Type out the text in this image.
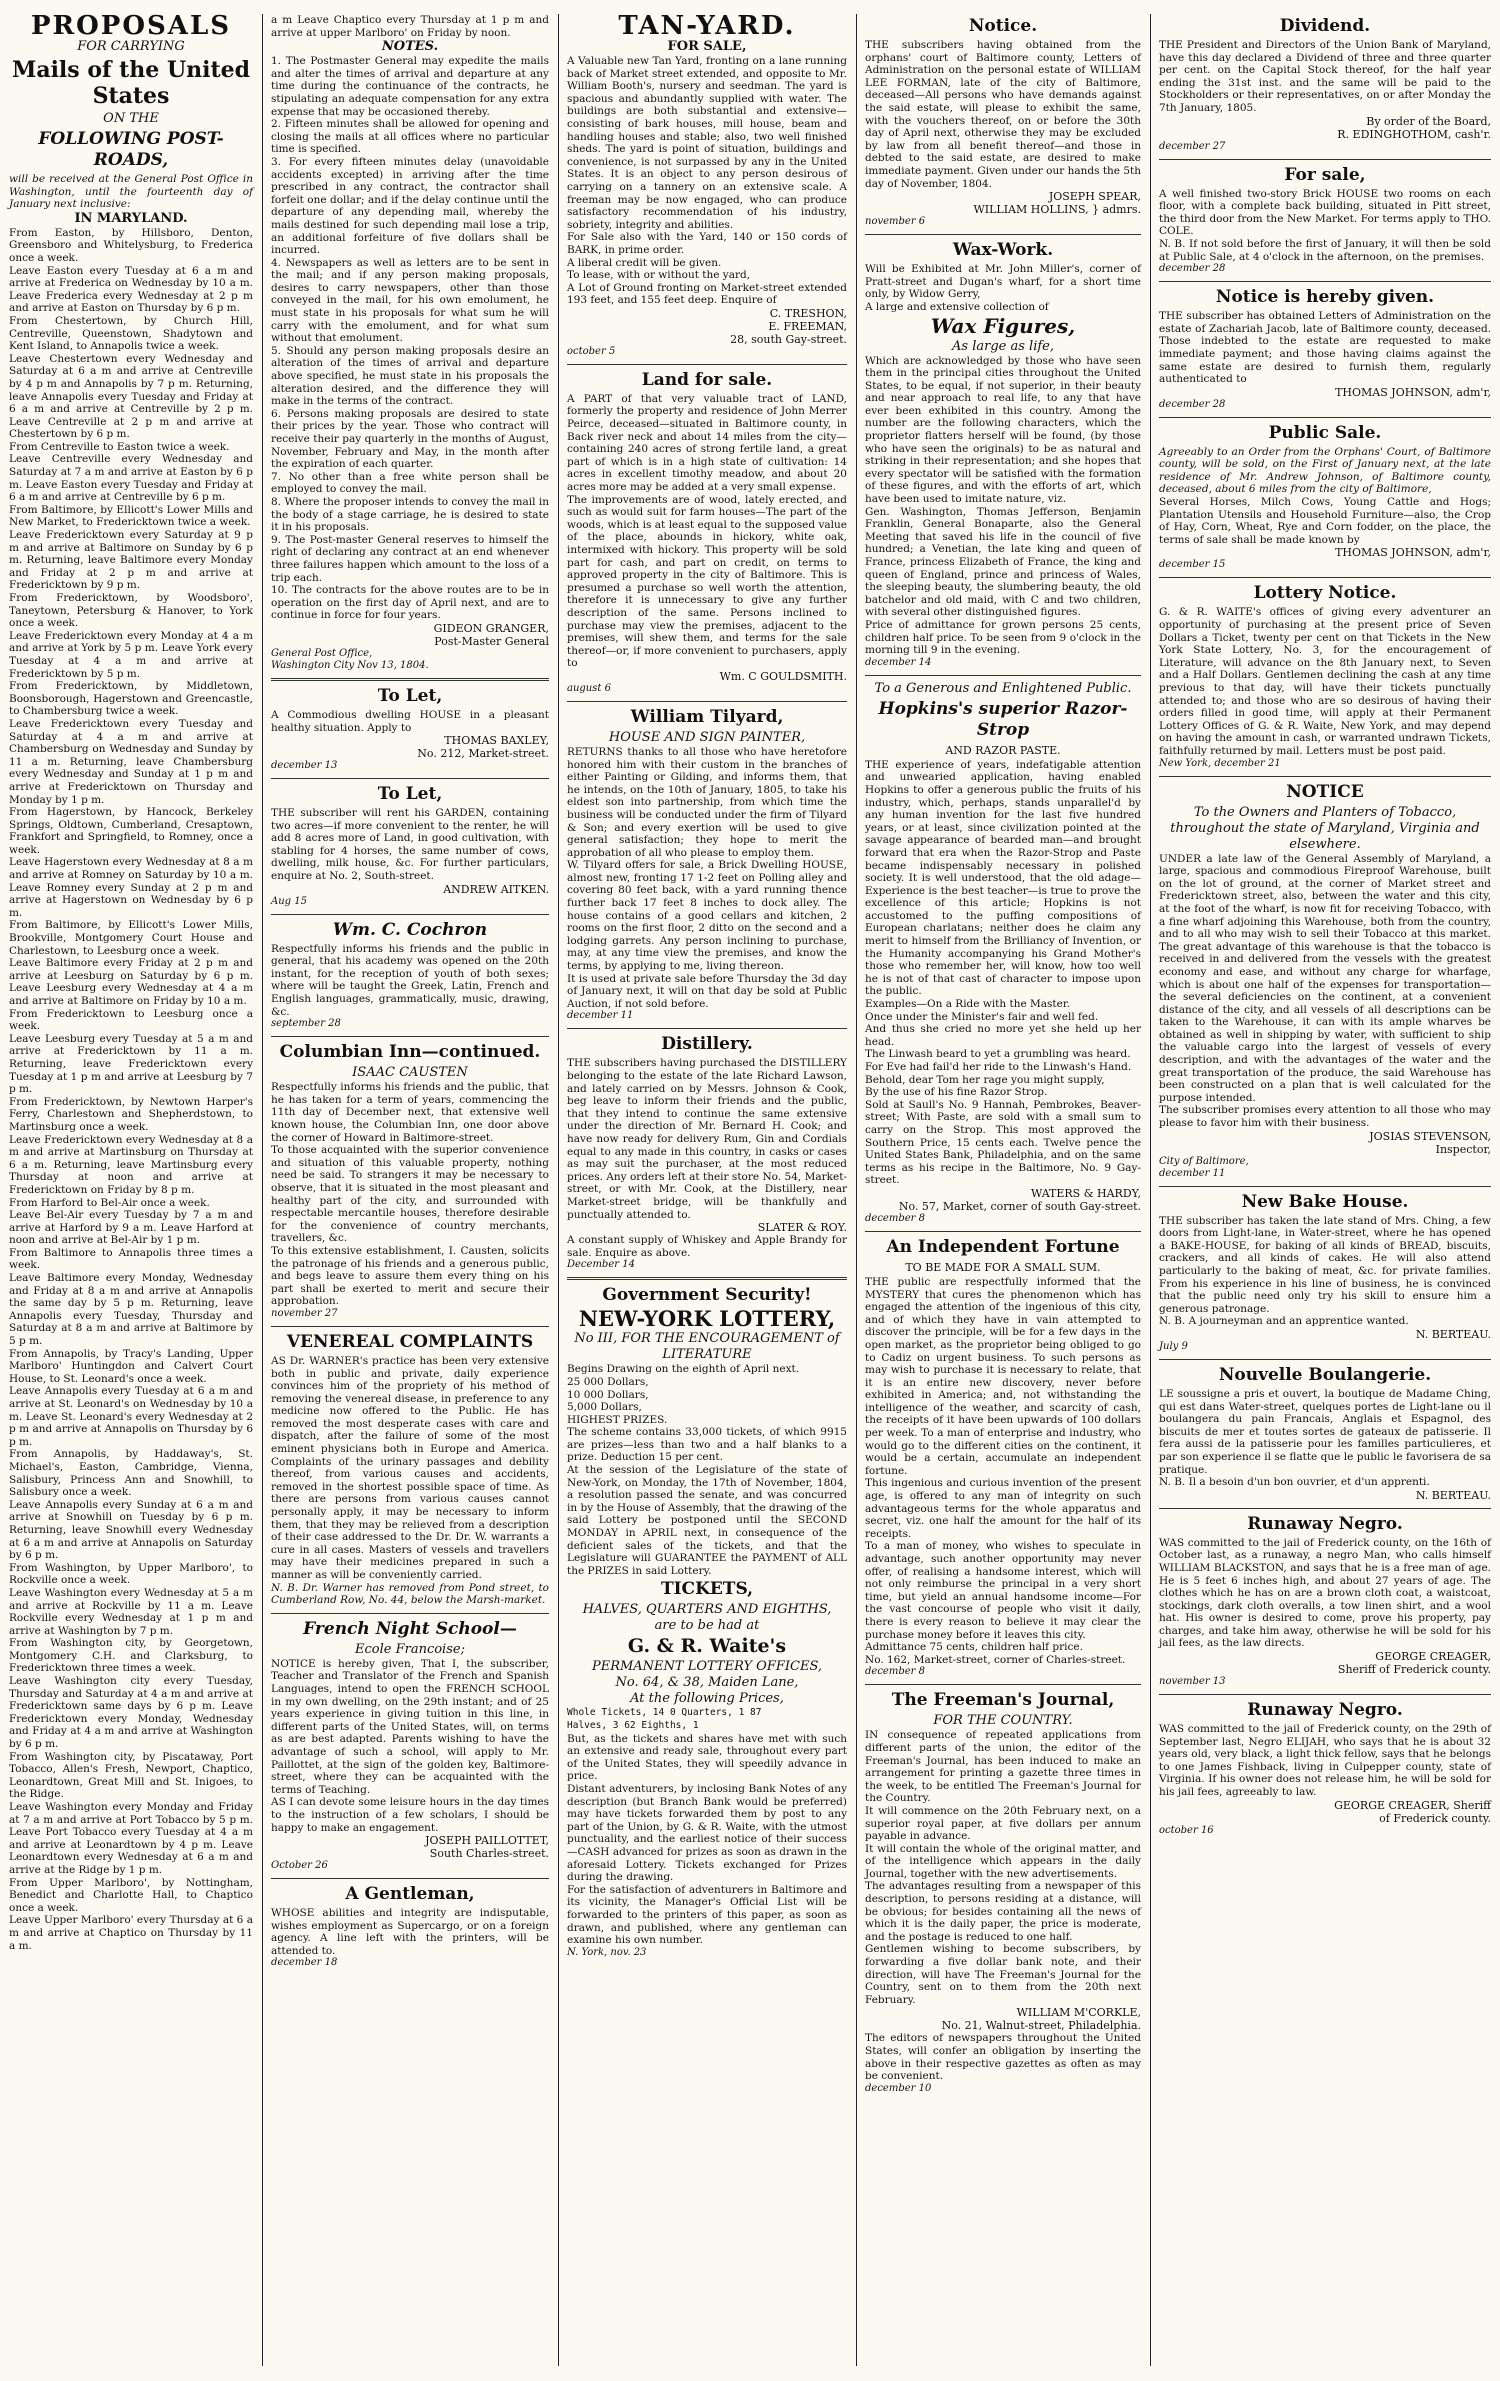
PROPOSALS
FOR CARRYING
Mails of the United States
ON THE
FOLLOWING POST-ROADS,

will be received at the General Post Office in Washington, until the fourteenth day of January next inclusive:

IN MARYLAND.

From Easton, by Hillsboro, Denton, Greensboro and Whitelysburg, to Frederica once a week.
Leave Easton every Tuesday at 6 a m and arrive at Frederica on Wednesday by 10 a m. Leave Frederica every Wednesday at 2 p m and arrive at Easton on Thursday by 6 p m.
From Chestertown, by Church Hill, Centreville, Queenstown, Shadytown and Kent Island, to Annapolis twice a week.
Leave Chestertown every Wednesday and Saturday at 6 a m and arrive at Centreville by 4 p m and Annapolis by 7 p m. Returning, leave Annapolis every Tuesday and Friday at 6 a m and arrive at Centreville by 2 p m. Leave Centreville at 2 p m and arrive at Chestertown by 6 p m.
From Centreville to Easton twice a week.
Leave Centreville every Wednesday and Saturday at 7 a m and arrive at Easton by 6 p m. Leave Easton every Tuesday and Friday at 6 a m and arrive at Centreville by 6 p m.
From Baltimore, by Ellicott's Lower Mills and New Market, to Fredericktown twice a week.
Leave Fredericktown every Saturday at 9 p m and arrive at Baltimore on Sunday by 6 p m. Returning, leave Baltimore every Monday and Friday at 2 p m and arrive at Fredericktown by 9 p m.
From Fredericktown, by Woodsboro', Taneytown, Petersburg & Hanover, to York once a week.
Leave Fredericktown every Monday at 4 a m and arrive at York by 5 p m. Leave York every Tuesday at 4 a m and arrive at Fredericktown by 5 p m.
From Fredericktown, by Middletown, Boonsborough, Hagerstown and Greencastle, to Chambersburg twice a week.
Leave Fredericktown every Tuesday and Saturday at 4 a m and arrive at Chambersburg on Wednesday and Sunday by 11 a m. Returning, leave Chambersburg every Wednesday and Sunday at 1 p m and arrive at Fredericktown on Thursday and Monday by 1 p m.
From Hagerstown, by Hancock, Berkeley Springs, Oldtown, Cumberland, Cresaptown, Frankfort and Springfield, to Romney, once a week.
Leave Hagerstown every Wednesday at 8 a m and arrive at Romney on Saturday by 10 a m. Leave Romney every Sunday at 2 p m and arrive at Hagerstown on Wednesday by 6 p m.
From Baltimore, by Ellicott's Lower Mills, Brookville, Montgomery Court House and Charlestown, to Leesburg once a week.
Leave Baltimore every Friday at 2 p m and arrive at Leesburg on Saturday by 6 p m. Leave Leesburg every Wednesday at 4 a m and arrive at Baltimore on Friday by 10 a m.
From Fredericktown to Leesburg once a week.
Leave Leesburg every Tuesday at 5 a m and arrive at Fredericktown by 11 a m. Returning, leave Fredericktown every Tuesday at 1 p m and arrive at Leesburg by 7 p m.
From Fredericktown, by Newtown Harper's Ferry, Charlestown and Shepherdstown, to Martinsburg once a week.
Leave Fredericktown every Wednesday at 8 a m and arrive at Martinsburg on Thursday at 6 a m. Returning, leave Martinsburg every Thursday at noon and arrive at Fredericktown on Friday by 8 p m.
From Harford to Bel-Air once a week.
Leave Bel-Air every Tuesday by 7 a m and arrive at Harford by 9 a m. Leave Harford at noon and arrive at Bel-Air by 1 p m.
From Baltimore to Annapolis three times a week.
Leave Baltimore every Monday, Wednesday and Friday at 8 a m and arrive at Annapolis the same day by 5 p m. Returning, leave Annapolis every Tuesday, Thursday and Saturday at 8 a m and arrive at Baltimore by 5 p m.
From Annapolis, by Tracy's Landing, Upper Marlboro' Huntingdon and Calvert Court House, to St. Leonard's once a week.
Leave Annapolis every Tuesday at 6 a m and arrive at St. Leonard's on Wednesday by 10 a m. Leave St. Leonard's every Wednesday at 2 p m and arrive at Annapolis on Thursday by 6 p m.
From Annapolis, by Haddaway's, St. Michael's, Easton, Cambridge, Vienna, Salisbury, Princess Ann and Snowhill, to Salisbury once a week.
Leave Annapolis every Sunday at 6 a m and arrive at Snowhill on Tuesday by 6 p m. Returning, leave Snowhill every Wednesday at 6 a m and arrive at Annapolis on Saturday by 6 p m.
From Washington, by Upper Marlboro', to Rockville once a week.
Leave Washington every Wednesday at 5 a m and arrive at Rockville by 11 a m. Leave Rockville every Wednesday at 1 p m and arrive at Washington by 7 p m.
From Washington city, by Georgetown, Montgomery C.H. and Clarksburg, to Fredericktown three times a week.
Leave Washington city every Tuesday, Thursday and Saturday at 4 a m and arrive at Fredericktown same days by 6 p m. Leave Fredericktown every Monday, Wednesday and Friday at 4 a m and arrive at Washington by 6 p m.
From Washington city, by Piscataway, Port Tobacco, Allen's Fresh, Newport, Chaptico, Leonardtown, Great Mill and St. Inigoes, to the Ridge.
Leave Washington every Monday and Friday at 7 a m and arrive at Port Tobacco by 5 p m. Leave Port Tobacco every Tuesday at 4 a m and arrive at Leonardtown by 4 p m. Leave Leonardtown every Wednesday at 6 a m and arrive at the Ridge by 1 p m.
From Upper Marlboro', by Nottingham, Benedict and Charlotte Hall, to Chaptico once a week.
Leave Upper Marlboro' every Thursday at 6 a m and arrive at Chaptico on Thursday by 11 a m.

a m Leave Chaptico every Thursday at 1 p m and arrive at upper Marlboro' on Friday by noon.

NOTES.

1. The Postmaster General may expedite the mails and alter the times of arrival and departure at any time during the continuance of the contracts, he stipulating an adequate compensation for any extra expense that may be occasioned thereby.
2. Fifteen minutes shall be allowed for opening and closing the mails at all offices where no particular time is specified.
3. For every fifteen minutes delay (unavoidable accidents excepted) in arriving after the time prescribed in any contract, the contractor shall forfeit one dollar; and if the delay continue until the departure of any depending mail, whereby the mails destined for such depending mail lose a trip, an additional forfeiture of five dollars shall be incurred.
4. Newspapers as well as letters are to be sent in the mail; and if any person making proposals, desires to carry newspapers, other than those conveyed in the mail, for his own emolument, he must state in his proposals for what sum he will carry with the emolument, and for what sum without that emolument.
5. Should any person making proposals desire an alteration of the times of arrival and departure above specified, he must state in his proposals the alteration desired, and the difference they will make in the terms of the contract.
6. Persons making proposals are desired to state their prices by the year. Those who contract will receive their pay quarterly in the months of August, November, February and May, in the month after the expiration of each quarter.
7. No other than a free white person shall be employed to convey the mail.
8. Where the proposer intends to convey the mail in the body of a stage carriage, he is desired to state it in his proposals.
9. The Post-master General reserves to himself the right of declaring any contract at an end whenever three failures happen which amount to the loss of a trip each.
10. The contracts for the above routes are to be in operation on the first day of April next, and are to continue in force for four years.

GIDEON GRANGER,
Post-Master General

General Post Office,
Washington City Nov 13, 1804.

To Let,

A Commodious dwelling HOUSE in a pleasant healthy situation. Apply to

THOMAS BAXLEY,
No. 212, Market-street.

december 13
To Let,

THE subscriber will rent his GARDEN, containing two acres—if more convenient to the renter, he will add 8 acres more of Land, in good cultivation, with stabling for 4 horses, the same number of cows, dwelling, milk house, &c. For further particulars, enquire at No. 2, South-street.

ANDREW AITKEN.

Aug 15
Wm. C. Cochron

Respectfully informs his friends and the public in general, that his academy was opened on the 20th instant, for the reception of youth of both sexes; where will be taught the Greek, Latin, French and English languages, grammatically, music, drawing, &c.

september 28
Columbian Inn—continued.
ISAAC CAUSTEN

Respectfully informs his friends and the public, that he has taken for a term of years, commencing the 11th day of December next, that extensive well known house, the Columbian Inn, one door above the corner of Howard in Baltimore-street.
To those acquainted with the superior convenience and situation of this valuable property, nothing need be said. To strangers it may be necessary to observe, that it is situated in the most pleasant and healthy part of the city, and surrounded with respectable mercantile houses, therefore desirable for the convenience of country merchants, travellers, &c.
To this extensive establishment, I. Causten, solicits the patronage of his friends and a generous public, and begs leave to assure them every thing on his part shall be exerted to merit and secure their approbation.

november 27
VENEREAL COMPLAINTS

AS Dr. WARNER's practice has been very extensive both in public and private, daily experience convinces him of the propriety of his method of removing the venereal disease, in preference to any medicine now offered to the Public. He has removed the most desperate cases with care and dispatch, after the failure of some of the most eminent physicians both in Europe and America. Complaints of the urinary passages and debility thereof, from various causes and accidents, removed in the shortest possible space of time. As there are persons from various causes cannot personally apply, it may be necessary to inform them, that they may be relieved from a description of their case addressed to the Dr. Dr. W. warrants a cure in all cases. Masters of vessels and travellers may have their medicines prepared in such a manner as will be conveniently carried.

N. B. Dr. Warner has removed from Pond street, to Cumberland Row, No. 44, below the Marsh-market.

French Night School—
Ecole Francoise;

NOTICE is hereby given, That I, the subscriber, Teacher and Translator of the French and Spanish Languages, intend to open the FRENCH SCHOOL in my own dwelling, on the 29th instant; and of 25 years experience in giving tuition in this line, in different parts of the United States, will, on terms as are best adapted. Parents wishing to have the advantage of such a school, will apply to Mr. Paillottet, at the sign of the golden key, Baltimore-street, where they can be acquainted with the terms of Teaching.
AS I can devote some leisure hours in the day times to the instruction of a few scholars, I should be happy to make an engagement.

JOSEPH PAILLOTTET,
South Charles-street.

October 26
A Gentleman,

WHOSE abilities and integrity are indisputable, wishes employment as Supercargo, or on a foreign agency. A line left with the printers, will be attended to.

december 18
TAN-YARD.
FOR SALE,

A Valuable new Tan Yard, fronting on a lane running back of Market street extended, and opposite to Mr. William Booth's, nursery and seedman. The yard is spacious and abundantly supplied with water. The buildings are both substantial and extensive—consisting of bark houses, mill house, beam and handling houses and stable; also, two well finished sheds. The yard is point of situation, buildings and convenience, is not surpassed by any in the United States. It is an object to any person desirous of carrying on a tannery on an extensive scale. A freeman may be now engaged, who can produce satisfactory recommendation of his industry, sobriety, integrity and abilities.
For Sale also with the Yard, 140 or 150 cords of BARK, in prime order.
A liberal credit will be given.
To lease, with or without the yard,
A Lot of Ground fronting on Market-street extended 193 feet, and 155 feet deep. Enquire of

C. TRESHON,
E. FREEMAN,
28, south Gay-street.

october 5
Land for sale.

A PART of that very valuable tract of LAND, formerly the property and residence of John Merrer Peirce, deceased—situated in Baltimore county, in Back river neck and about 14 miles from the city—containing 240 acres of strong fertile land, a great part of which is in a high state of cultivation: 14 acres in excellent timothy meadow, and about 20 acres more may be added at a very small expense.
The improvements are of wood, lately erected, and such as would suit for farm houses—The part of the woods, which is at least equal to the supposed value of the place, abounds in hickory, white oak, intermixed with hickory. This property will be sold part for cash, and part on credit, on terms to approved property in the city of Baltimore. This is presumed a purchase so well worth the attention, therefore it is unnecessary to give any further description of the same. Persons inclined to purchase may view the premises, adjacent to the premises, will shew them, and terms for the sale thereof—or, if more convenient to purchasers, apply to

Wm. C GOULDSMITH.

august 6
William Tilyard,
HOUSE AND SIGN PAINTER,

RETURNS thanks to all those who have heretofore honored him with their custom in the branches of either Painting or Gilding, and informs them, that he intends, on the 10th of January, 1805, to take his eldest son into partnership, from which time the business will be conducted under the firm of Tilyard & Son; and every exertion will be used to give general satisfaction; they hope to merit the approbation of all who please to employ them.
W. Tilyard offers for sale, a Brick Dwelling HOUSE, almost new, fronting 17 1-2 feet on Polling alley and covering 80 feet back, with a yard running thence further back 17 feet 8 inches to dock alley. The house contains of a good cellars and kitchen, 2 rooms on the first floor, 2 ditto on the second and a lodging garrets. Any person inclining to purchase, may, at any time view the premises, and know the terms, by applying to me, living thereon.
It is used at private sale before Thursday the 3d day of January next, it will on that day be sold at Public Auction, if not sold before.

december 11
Distillery.

THE subscribers having purchased the DISTILLERY belonging to the estate of the late Richard Lawson, and lately carried on by Messrs. Johnson & Cook, beg leave to inform their friends and the public, that they intend to continue the same extensive under the direction of Mr. Bernard H. Cook; and have now ready for delivery Rum, Gin and Cordials equal to any made in this country, in casks or cases as may suit the purchaser, at the most reduced prices. Any orders left at their store No. 54, Market-street, or with Mr. Cook, at the Distillery, near Market-street bridge, will be thankfully and punctually attended to.

SLATER & ROY.

A constant supply of Whiskey and Apple Brandy for sale. Enquire as above.

December 14
Government Security!
NEW-YORK LOTTERY,
No III, FOR THE ENCOURAGEMENT of LITERATURE

Begins Drawing on the eighth of April next.
25 000 Dollars,
10 000 Dollars,
5,000 Dollars,
HIGHEST PRIZES.
The scheme contains 33,000 tickets, of which 9915 are prizes—less than two and a half blanks to a prize. Deduction 15 per cent.
At the session of the Legislature of the state of New-York, on Monday, the 17th of November, 1804, a resolution passed the senate, and was concurred in by the House of Assembly, that the drawing of the said Lottery be postponed until the SECOND MONDAY in APRIL next, in consequence of the deficient sales of the tickets, and that the Legislature will GUARANTEE the PAYMENT of ALL the PRIZES in said Lottery.

TICKETS,
HALVES, QUARTERS AND EIGHTHS,
are to be had at
G. & R. Waite's
PERMANENT LOTTERY OFFICES,
No. 64, & 38, Maiden Lane,
At the following Prices,

Whole Tickets, 14 0 Quarters, 1 87
Halves, 3 62 Eighths, 1

But, as the tickets and shares have met with such an extensive and ready sale, throughout every part of the United States, they will speedily advance in price.
Distant adventurers, by inclosing Bank Notes of any description (but Branch Bank would be preferred) may have tickets forwarded them by post to any part of the Union, by G. & R. Waite, with the utmost punctuality, and the earliest notice of their success—CASH advanced for prizes as soon as drawn in the aforesaid Lottery. Tickets exchanged for Prizes during the drawing.
For the satisfaction of adventurers in Baltimore and its vicinity, the Manager's Official List will be forwarded to the printers of this paper, as soon as drawn, and published, where any gentleman can examine his own number.

N. York, nov. 23
Notice.

THE subscribers having obtained from the orphans' court of Baltimore county, Letters of Administration on the personal estate of WILLIAM LEE FORMAN, late of the city of Baltimore, deceased—All persons who have demands against the said estate, will please to exhibit the same, with the vouchers thereof, on or before the 30th day of April next, otherwise they may be excluded by law from all benefit thereof—and those in debted to the said estate, are desired to make immediate payment. Given under our hands the 5th day of November, 1804.

JOSEPH SPEAR,
WILLIAM HOLLINS, } admrs.

november 6
Wax-Work.

Will be Exhibited at Mr. John Miller's, corner of Pratt-street and Dugan's wharf, for a short time only, by Widow Gerry,
A large and extensive collection of

Wax Figures,
As large as life,

Which are acknowledged by those who have seen them in the principal cities throughout the United States, to be equal, if not superior, in their beauty and near approach to real life, to any that have ever been exhibited in this country. Among the number are the following characters, which the proprietor flatters herself will be found, (by those who have seen the originals) to be as natural and striking in their representation; and she hopes that every spectator will be satisfied with the formation of these figures, and with the efforts of art, which have been used to imitate nature, viz.
Gen. Washington, Thomas Jefferson, Benjamin Franklin, General Bonaparte, also the General Meeting that saved his life in the council of five hundred; a Venetian, the late king and queen of France, princess Elizabeth of France, the king and queen of England, prince and princess of Wales, the sleeping beauty, the slumbering beauty, the old batchelor and old maid, with C and two children, with several other distinguished figures.
Price of admittance for grown persons 25 cents, children half price. To be seen from 9 o'clock in the morning till 9 in the evening.

december 14
To a Generous and Enlightened Public.
Hopkins's superior Razor-Strop
AND RAZOR PASTE.

THE experience of years, indefatigable attention and unwearied application, having enabled Hopkins to offer a generous public the fruits of his industry, which, perhaps, stands unparallel'd by any human invention for the last five hundred years, or at least, since civilization pointed at the savage appearance of bearded man—and brought forward that era when the Razor-Strop and Paste became indispensably necessary in polished society. It is well understood, that the old adage—Experience is the best teacher—is true to prove the excellence of this article; Hopkins is not accustomed to the puffing compositions of European charlatans; neither does he claim any merit to himself from the Brilliancy of Invention, or the Humanity accompanying his Grand Mother's those who remember her, will know, how too well he is not of that cast of character to impose upon the public.
Examples—On a Ride with the Master.
Once under the Minister's fair and well fed.
And thus she cried no more yet she held up her head.
The Linwash beard to yet a grumbling was heard.
For Eve had fail'd her ride to the Linwash's Hand.
Behold, dear Tom her rage you might supply,
By the use of his fine Razor Strop.
Sold at Saull's No. 9 Hannah, Pembrokes, Beaver-street; With Paste, are sold with a small sum to carry on the Strop. This most approved the Southern Price, 15 cents each. Twelve pence the United States Bank, Philadelphia, and on the same terms as his recipe in the Baltimore, No. 9 Gay-street.

WATERS & HARDY,
No. 57, Market, corner of south Gay-street.

december 8
An Independent Fortune
TO BE MADE FOR A SMALL SUM.

THE public are respectfully informed that the MYSTERY that cures the phenomenon which has engaged the attention of the ingenious of this city, and of which they have in vain attempted to discover the principle, will be for a few days in the open market, as the proprietor being obliged to go to Cadiz on urgent business. To such persons as may wish to purchase it is necessary to relate, that it is an entire new discovery, never before exhibited in America; and, not withstanding the intelligence of the weather, and scarcity of cash, the receipts of it have been upwards of 100 dollars per week. To a man of enterprise and industry, who would go to the different cities on the continent, it would be a certain, accumulate an independent fortune.
This ingenious and curious invention of the present age, is offered to any man of integrity on such advantageous terms for the whole apparatus and secret, viz. one half the amount for the half of its receipts.
To a man of money, who wishes to speculate in advantage, such another opportunity may never offer, of realising a handsome interest, which will not only reimburse the principal in a very short time, but yield an annual handsome income—For the vast concourse of people who visit it daily, there is every reason to believe it may clear the purchase money before it leaves this city.
Admittance 75 cents, children half price.
No. 162, Market-street, corner of Charles-street.

december 8
The Freeman's Journal,
FOR THE COUNTRY.

IN consequence of repeated applications from different parts of the union, the editor of the Freeman's Journal, has been induced to make an arrangement for printing a gazette three times in the week, to be entitled The Freeman's Journal for the Country.
It will commence on the 20th February next, on a superior royal paper, at five dollars per annum payable in advance.
It will contain the whole of the original matter, and of the intelligence which appears in the daily Journal, together with the new advertisements.
The advantages resulting from a newspaper of this description, to persons residing at a distance, will be obvious; for besides containing all the news of which it is the daily paper, the price is moderate, and the postage is reduced to one half.
Gentlemen wishing to become subscribers, by forwarding a five dollar bank note, and their direction, will have The Freeman's Journal for the Country, sent on to them from the 20th next February.

WILLIAM M'CORKLE,
No. 21, Walnut-street, Philadelphia.

The editors of newspapers throughout the United States, will confer an obligation by inserting the above in their respective gazettes as often as may be convenient.

december 10
Dividend.

THE President and Directors of the Union Bank of Maryland, have this day declared a Dividend of three and three quarter per cent. on the Capital Stock thereof, for the half year ending the 31st inst. and the same will be paid to the Stockholders or their representatives, on or after Monday the 7th January, 1805.

By order of the Board,
R. EDINGHOTHOM, cash'r.

december 27
For sale,

A well finished two-story Brick HOUSE two rooms on each floor, with a complete back building, situated in Pitt street, the third door from the New Market. For terms apply to THO. COLE.
N. B. If not sold before the first of January, it will then be sold at Public Sale, at 4 o'clock in the afternoon, on the premises.

december 28
Notice is hereby given.

THE subscriber has obtained Letters of Administration on the estate of Zachariah Jacob, late of Baltimore county, deceased. Those indebted to the estate are requested to make immediate payment; and those having claims against the same estate are desired to furnish them, regularly authenticated to

THOMAS JOHNSON, adm'r,

december 28
Public Sale.

Agreeably to an Order from the Orphans' Court, of Baltimore county, will be sold, on the First of January next, at the late residence of Mr. Andrew Johnson, of Baltimore county, deceased, about 6 miles from the city of Baltimore,

Several Horses, Milch Cows, Young Cattle and Hogs; Plantation Utensils and Household Furniture—also, the Crop of Hay, Corn, Wheat, Rye and Corn fodder, on the place, the terms of sale shall be made known by

THOMAS JOHNSON, adm'r,

december 15
Lottery Notice.

G. & R. WAITE's offices of giving every adventurer an opportunity of purchasing at the present price of Seven Dollars a Ticket, twenty per cent on that Tickets in the New York State Lottery, No. 3, for the encouragement of Literature, will advance on the 8th January next, to Seven and a Half Dollars. Gentlemen declining the cash at any time previous to that day, will have their tickets punctually attended to; and those who are so desirous of having their orders filled in good time, will apply at their Permanent Lottery Offices of G. & R. Waite, New York, and may depend on having the amount in cash, or warranted undrawn Tickets, faithfully returned by mail. Letters must be post paid.

New York, december 21
NOTICE
To the Owners and Planters of Tobacco, throughout the state of Maryland, Virginia and elsewhere.

UNDER a late law of the General Assembly of Maryland, a large, spacious and commodious Fireproof Warehouse, built on the lot of ground, at the corner of Market street and Fredericktown street, also, between the water and this city, at the foot of the wharf, is now fit for receiving Tobacco, with a fine wharf adjoining this Warehouse, both from the country, and to all who may wish to sell their Tobacco at this market. The great advantage of this warehouse is that the tobacco is received in and delivered from the vessels with the greatest economy and ease, and without any charge for wharfage, which is about one half of the expenses for transportation—the several deficiencies on the continent, at a convenient distance of the city, and all vessels of all descriptions can be taken to the Warehouse, it can with its ample wharves be obtained as well in shipping by water, with sufficient to ship the valuable cargo into the largest of vessels of every description, and with the advantages of the water and the great transportation of the produce, the said Warehouse has been constructed on a plan that is well calculated for the purpose intended.
The subscriber promises every attention to all those who may please to favor him with their business.

JOSIAS STEVENSON,
Inspector,

City of Baltimore,
december 11

New Bake House.

THE subscriber has taken the late stand of Mrs. Ching, a few doors from Light-lane, in Water-street, where he has opened a BAKE-HOUSE, for baking of all kinds of BREAD, biscuits, crackers, and all kinds of cakes. He will also attend particularly to the baking of meat, &c. for private families. From his experience in his line of business, he is convinced that the public need only try his skill to ensure him a generous patronage.
N. B. A journeyman and an apprentice wanted.

N. BERTEAU.

July 9
Nouvelle Boulangerie.

LE soussigne a pris et ouvert, la boutique de Madame Ching, qui est dans Water-street, quelques portes de Light-lane ou il boulangera du pain Francais, Anglais et Espagnol, des biscuits de mer et toutes sortes de gateaux de patisserie. Il fera aussi de la patisserie pour les familles particulieres, et par son experience il se flatte que le public le favorisera de sa pratique.
N. B. Il a besoin d'un bon ouvrier, et d'un apprenti.

N. BERTEAU.

Runaway Negro.

WAS committed to the jail of Frederick county, on the 16th of October last, as a runaway, a negro Man, who calls himself WILLIAM BLACKSTON, and says that he is a free man of age. He is 5 feet 6 inches high, and about 27 years of age. The clothes which he has on are a brown cloth coat, a waistcoat, stockings, dark cloth overalls, a tow linen shirt, and a wool hat. His owner is desired to come, prove his property, pay charges, and take him away, otherwise he will be sold for his jail fees, as the law directs.

GEORGE CREAGER,
Sheriff of Frederick county.

november 13
Runaway Negro.

WAS committed to the jail of Frederick county, on the 29th of September last, Negro ELIJAH, who says that he is about 32 years old, very black, a light thick fellow, says that he belongs to one James Fishback, living in Culpepper county, state of Virginia. If his owner does not release him, he will be sold for his jail fees, agreeably to law.

GEORGE CREAGER, Sheriff
of Frederick county.

october 16
